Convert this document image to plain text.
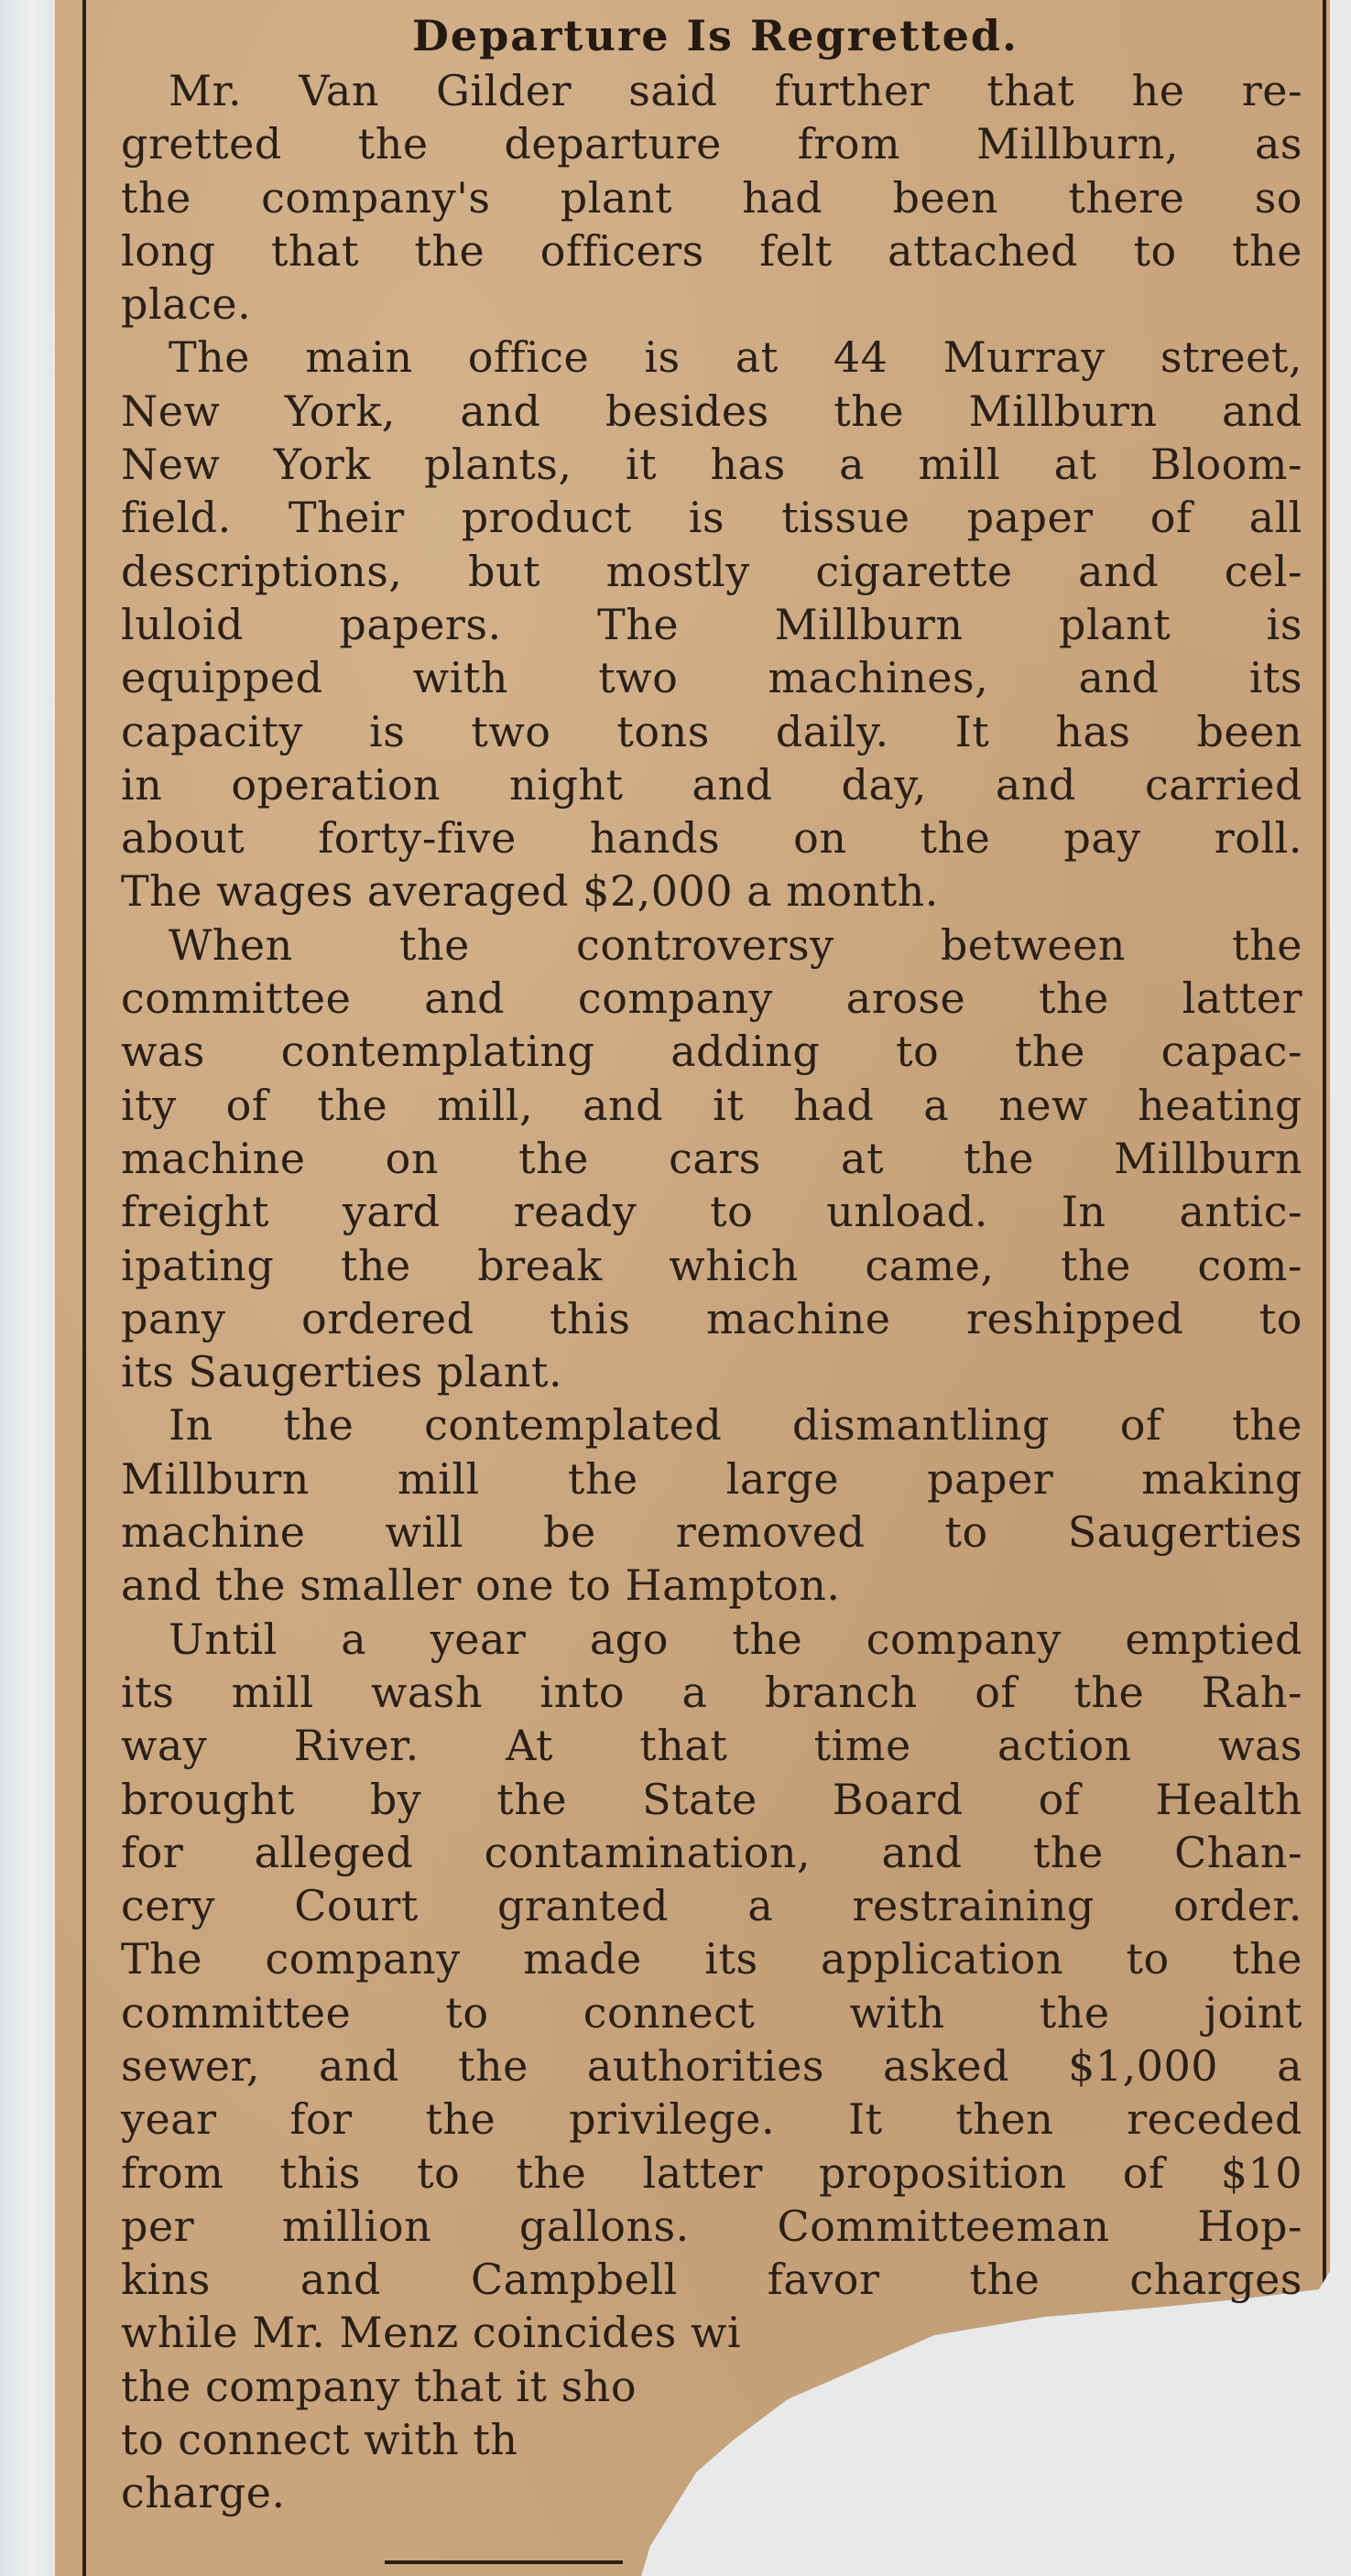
Departure Is Regretted.
Mr. Van Gilder said further that he re-
gretted the departure from Millburn, as
the company's plant had been there so
long that the officers felt attached to the
place.
The main office is at 44 Murray street,
New York, and besides the Millburn and
New York plants, it has a mill at Bloom-
field. Their product is tissue paper of all
descriptions, but mostly cigarette and cel-
luloid papers. The Millburn plant is
equipped with two machines, and its
capacity is two tons daily. It has been
in operation night and day, and carried
about forty-five hands on the pay roll.
The wages averaged $2,000 a month.
When the controversy between the
committee and company arose the latter
was contemplating adding to the capac-
ity of the mill, and it had a new heating
machine on the cars at the Millburn
freight yard ready to unload. In antic-
ipating the break which came, the com-
pany ordered this machine reshipped to
its Saugerties plant.
In the contemplated dismantling of the
Millburn mill the large paper making
machine will be removed to Saugerties
and the smaller one to Hampton.
Until a year ago the company emptied
its mill wash into a branch of the Rah-
way River. At that time action was
brought by the State Board of Health
for alleged contamination, and the Chan-
cery Court granted a restraining order.
The company made its application to the
committee to connect with the joint
sewer, and the authorities asked $1,000 a
year for the privilege. It then receded
from this to the latter proposition of $10
per million gallons. Committeeman Hop-
kins and Campbell favor the charges
while Mr. Menz coincides wi
the company that it sho
to connect with th
charge.
